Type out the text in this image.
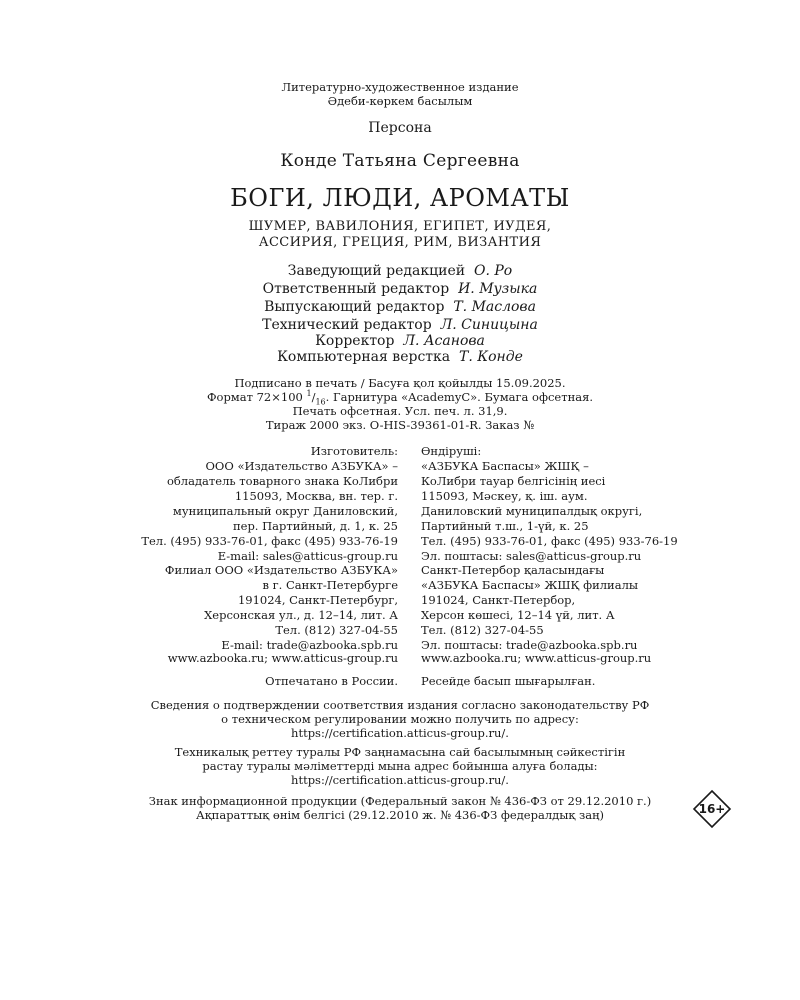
Литературно-художественное издание
Әдеби-көркем басылым
Персона
Конде Татьяна Сергеевна
БОГИ, ЛЮДИ, АРОМАТЫ
ШУМЕР, ВАВИЛОНИЯ, ЕГИПЕТ, ИУДЕЯ,
АССИРИЯ, ГРЕЦИЯ, РИМ, ВИЗАНТИЯ
Заведующий редакцией О. Ро
Ответственный редактор И. Музыка
Выпускающий редактор Т. Маслова
Технический редактор Л. Синицына
Корректор Л. Асанова
Компьютерная верстка Т. Конде
Подписано в печать / Басуға қол қойылды 15.09.2025.
Формат 72×100 $^1/_{16}$. Гарнитура «AcademyC». Бумага офсетная.
Печать офсетная. Усл. печ. л. 31,9.
Тираж 2000 экз. O-HIS-39361-01-R. Заказ №
Изготовитель:
ООО «Издательство АЗБУКА» –
обладатель товарного знака КоЛибри
115093, Москва, вн. тер. г.
муниципальный округ Даниловский,
пер. Партийный, д. 1, к. 25
Тел. (495) 933-76-01, факс (495) 933-76-19
E-mail: sales@atticus-group.ru
Өндіруші:
«АЗБУКА Баспасы» ЖШҚ –
КоЛибри тауар белгісінің иесі
115093, Мәскеу, қ. іш. аум.
Даниловский муниципалдық округі,
Партийный т.ш., 1-үй, к. 25
Тел. (495) 933-76-01, факс (495) 933-76-19
Эл. поштасы: sales@atticus-group.ru
Филиал ООО «Издательство АЗБУКА»
в г. Санкт-Петербурге
191024, Санкт-Петербург,
Херсонская ул., д. 12–14, лит. А
Тел. (812) 327-04-55
E-mail: trade@azbooka.spb.ru
Санкт-Петербор қаласындағы
«АЗБУКА Баспасы» ЖШҚ филиалы
191024, Санкт-Петербор,
Херсон көшесі, 12–14 үй, лит. А
Тел. (812) 327-04-55
Эл. поштасы: trade@azbooka.spb.ru
www.azbooka.ru; www.atticus-group.ru www.azbooka.ru; www.atticus-group.ru
Отпечатано в России. Ресейде басып шығарылған.
Сведения о подтверждении соответствия издания согласно законодательству РФ
о техническом регулировании можно получить по адресу:
https://certification.atticus-group.ru/.
Техникалық реттеу туралы РФ заңнамасына сай басылымның сәйкестігін
растау туралы мәліметтерді мына адрес бойынша алуға болады:
https://certification.atticus-group.ru/.
Знак информационной продукции (Федеральный закон № 436-ФЗ от 29.12.2010 г.)
Ақпараттық өнім белгісі (29.12.2010 ж. № 436-ФЗ федералдық заң)	16+
